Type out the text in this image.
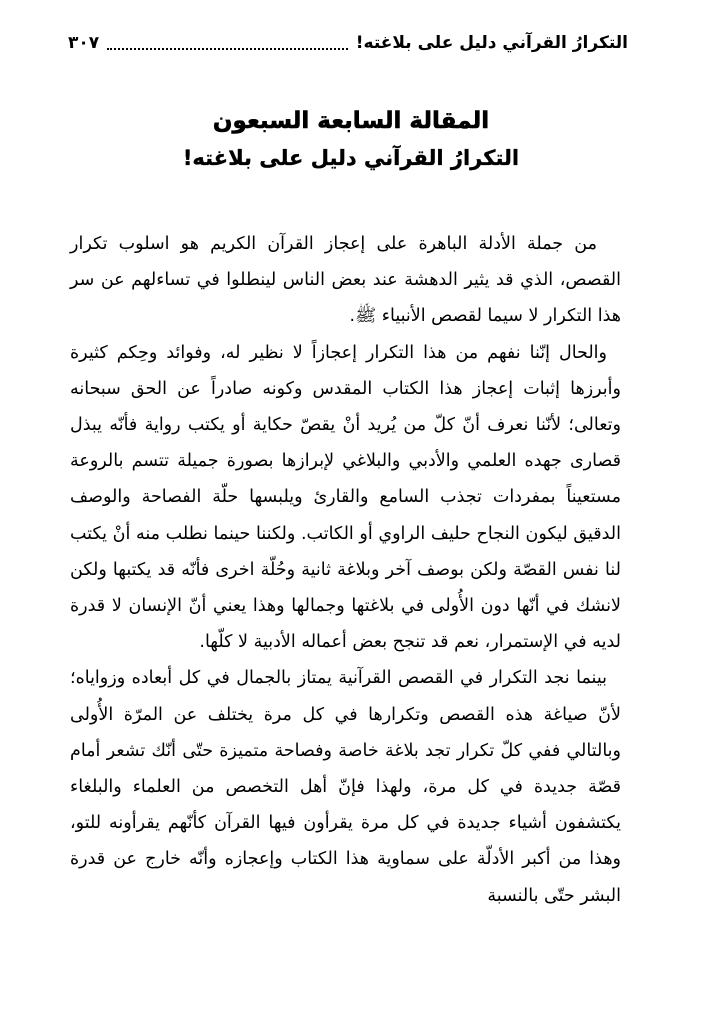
التكرارُ القرآني دليل على بلاغته!
٣٠٧
المقالة السابعة السبعون
التكرارُ القرآني دليل على بلاغته!

من جملة الأدلة الباهرة على إعجاز القرآن الكريم هو اسلوب تكرار القصص، الذي قد يثير الدهشة عند بعض الناس لينطلوا في تساءلهم عن سر هذا التكرار لا سيما لقصص الأنبياء ﷺ.

والحال إنّنا نفهم من هذا التكرار إعجازاً لا نظير له، وفوائد وحِكم كثيرة وأبرزها إثبات إعجاز هذا الكتاب المقدس وكونه صادراً عن الحق سبحانه وتعالى؛ لأنّنا نعرف أنّ كلّ من يُريد أنْ يقصّ حكاية أو يكتب رواية فأنّه يبذل قصارى جهده العلمي والأدبي والبلاغي لإبرازها بصورة جميلة تتسم بالروعة مستعيناً بمفردات تجذب السامع والقارئ ويلبسها حلّة الفصاحة والوصف الدقيق ليكون النجاح حليف الراوي أو الكاتب. ولكننا حينما نطلب منه أنْ يكتب لنا نفس القصّة ولكن بوصف آخر وبلاغة ثانية وحُلّة اخرى فأنّه قد يكتبها ولكن لانشك في أنّها دون الأُولى في بلاغتها وجمالها وهذا يعني أنّ الإنسان لا قدرة لديه في الإستمرار، نعم قد تنجح بعض أعماله الأدبية لا كلّها.

بينما نجد التكرار في القصص القرآنية يمتاز بالجمال في كل أبعاده وزواياه؛ لأنّ صياغة هذه القصص وتكرارها في كل مرة يختلف عن المرّة الأُولى وبالتالي ففي كلّ تكرار تجد بلاغة خاصة وفصاحة متميزة حتّى أنّك تشعر أمام قصّة جديدة في كل مرة، ولهذا فإنّ أهل التخصص من العلماء والبلغاء يكتشفون أشياء جديدة في كل مرة يقرأون فيها القرآن كأنّهم يقرأونه للتو، وهذا من أكبر الأدلّة على سماوية هذا الكتاب وإعجازه وأنّه خارج عن قدرة البشر حتّى بالنسبة
